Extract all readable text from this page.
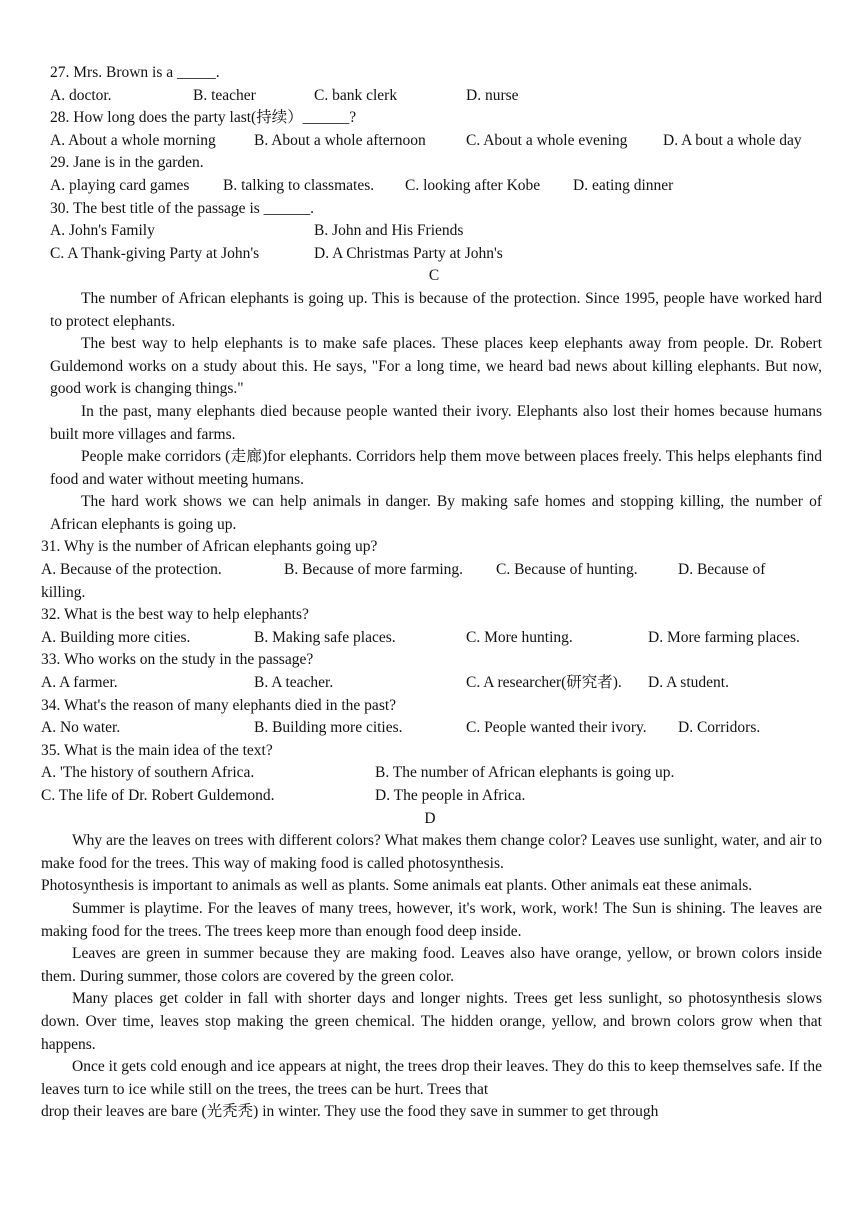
27. Mrs. Brown is a _____.
A. doctor.	B. teacher	C. bank clerk	D. nurse
28. How long does the party last(持续）______?
A. About a whole morning B. About a whole afternoon	C. About a whole evening D. A bout a whole day
29. Jane is in the garden.
A. playing card games B. talking to classmates. C. looking after Kobe D. eating dinner
30. The best title of the passage is ______.
A. John's Family	B. John and His Friends
C. A Thank-giving Party at John's	D. A Christmas Party at John's
C
The number of African elephants is going up. This is because of the protection. Since 1995, people have worked hard to protect elephants.
The best way to help elephants is to make safe places. These places keep elephants away from people. Dr. Robert Guldemond works on a study about this. He says, "For a long time, we heard bad news about killing elephants. But now, good work is changing things."
In the past, many elephants died because people wanted their ivory. Elephants also lost their homes because humans built more villages and farms.
People make corridors (走廊)for elephants. Corridors help them move between places freely. This helps elephants find food and water without meeting humans.
The hard work shows we can help animals in danger. By making safe homes and stopping killing, the number of African elephants is going up.
31. Why is the number of African elephants going up?
A. Because of the protection.	B. Because of more farming. C. Because of hunting.	D. Because of
killing.
32. What is the best way to help elephants?
A. Building more cities.	B. Making safe places.	C. More hunting.	D. More farming places.
33. Who works on the study in the passage?
A. A farmer.	B. A teacher.	C. A researcher(研究者). D. A student.
34. What's the reason of many elephants died in the past?
A. No water.	B. Building more cities.	C. People wanted their ivory. D. Corridors.
35. What is the main idea of the text?
A. 'The history of southern Africa.	B. The number of African elephants is going up.
C. The life of Dr. Robert Guldemond.	D. The people in Africa.
D
Why are the leaves on trees with different colors? What makes them change color? Leaves use sunlight, water, and air to make food for the trees. This way of making food is called photosynthesis.
Photosynthesis is important to animals as well as plants. Some animals eat plants. Other animals eat these animals.
Summer is playtime. For the leaves of many trees, however, it's work, work, work! The Sun is shining. The leaves are making food for the trees. The trees keep more than enough food deep inside.
Leaves are green in summer because they are making food. Leaves also have orange, yellow, or brown colors inside them. During summer, those colors are covered by the green color.
Many places get colder in fall with shorter days and longer nights. Trees get less sunlight, so photosynthesis slows down. Over time, leaves stop making the green chemical. The hidden orange, yellow, and brown colors grow when that happens.
Once it gets cold enough and ice appears at night, the trees drop their leaves. They do this to keep themselves safe. If the leaves turn to ice while still on the trees, the trees can be hurt. Trees that
drop their leaves are bare (光秃秃) in winter. They use the food they save in summer to get through
